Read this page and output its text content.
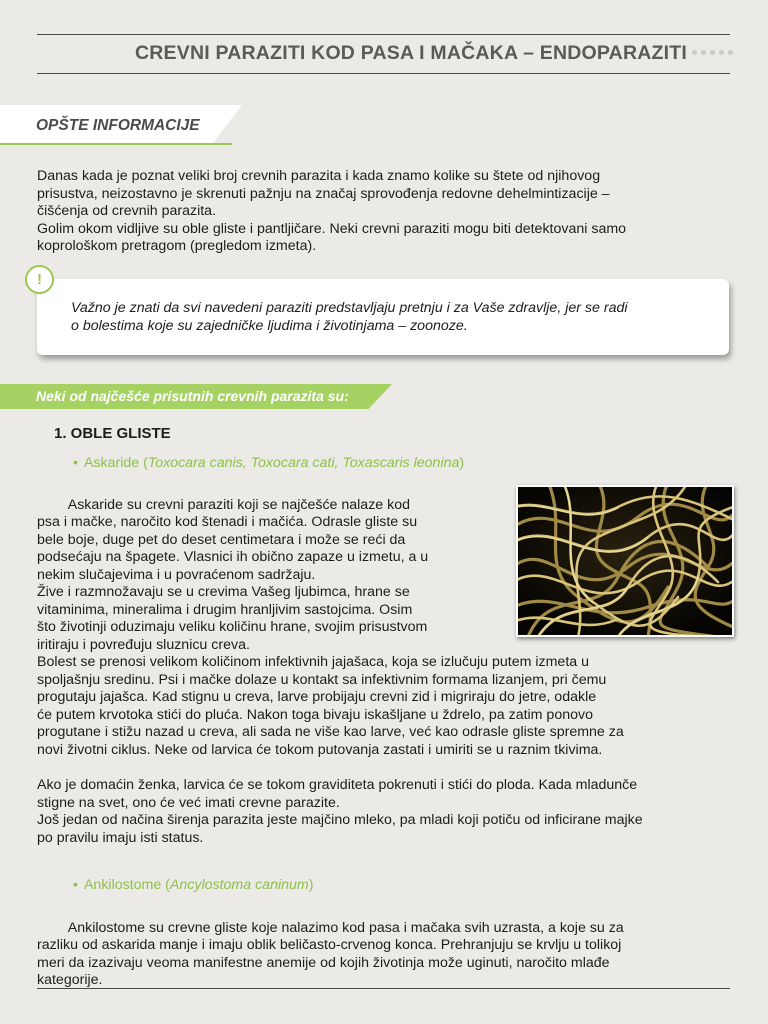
CREVNI PARAZITI KOD PASA I MAČAKA – ENDOPARAZITI
OPŠTE INFORMACIJE

Danas kada je poznat veliki broj crevnih parazita i kada znamo kolike su štete od njihovog
prisustva, neizostavno je skrenuti pažnju na značaj sprovođenja redovne dehelmintizacije –
čišćenja od crevnih parazita.
Golim okom vidljive su oble gliste i pantljičare. Neki crevni paraziti mogu biti detektovani samo
koprološkom pretragom (pregledom izmeta).

Važno je znati da svi navedeni paraziti predstavljaju pretnju i za Vaše zdravlje, jer se radi
o bolestima koje su zajedničke ljudima i životinjama – zoonoze.
!
Neki od najčešće prisutnih crevnih parazita su:
1. OBLE GLISTE
• Askaride (Toxocara canis, Toxocara cati, Toxascaris leonina)

Askaride su crevni paraziti koji se najčešće nalaze kod
psa i mačke, naročito kod štenadi i mačića. Odrasle gliste su
bele boje, duge pet do deset centimetara i može se reći da
podsećaju na špagete. Vlasnici ih obično zapaze u izmetu, a u
nekim slučajevima i u povraćenom sadržaju.

Žive i razmnožavaju se u crevima Vašeg ljubimca, hrane se
vitaminima, mineralima i drugim hranljivim sastojcima. Osim
što životinji oduzimaju veliku količinu hrane, svojim prisustvom
iritiraju i povređuju sluznicu creva.
Bolest se prenosi velikom količinom infektivnih jajašaca, koja se izlučuju putem izmeta u
spoljašnju sredinu. Psi i mačke dolaze u kontakt sa infektivnim formama lizanjem, pri čemu
progutaju jajašca. Kad stignu u creva, larve probijaju crevni zid i migriraju do jetre, odakle
će putem krvotoka stići do pluća. Nakon toga bivaju iskašljane u ždrelo, pa zatim ponovo
progutane i stižu nazad u creva, ali sada ne više kao larve, već kao odrasle gliste spremne za
novi životni ciklus. Neke od larvica će tokom putovanja zastati i umiriti se u raznim tkivima.

Ako je domaćin ženka, larvica će se tokom graviditeta pokrenuti i stići do ploda. Kada mladunče
stigne na svet, ono će već imati crevne parazite.
Još jedan od načina širenja parazita jeste majčino mleko, pa mladi koji potiču od inficirane majke
po pravilu imaju isti status.

• Ankilostome (Ancylostoma caninum)

Ankilostome su crevne gliste koje nalazimo kod pasa i mačaka svih uzrasta, a koje su za
razliku od askarida manje i imaju oblik beličasto-crvenog konca. Prehranjuju se krvlju u tolikoj
meri da izazivaju veoma manifestne anemije od kojih životinja može uginuti, naročito mlađe
kategorije.
